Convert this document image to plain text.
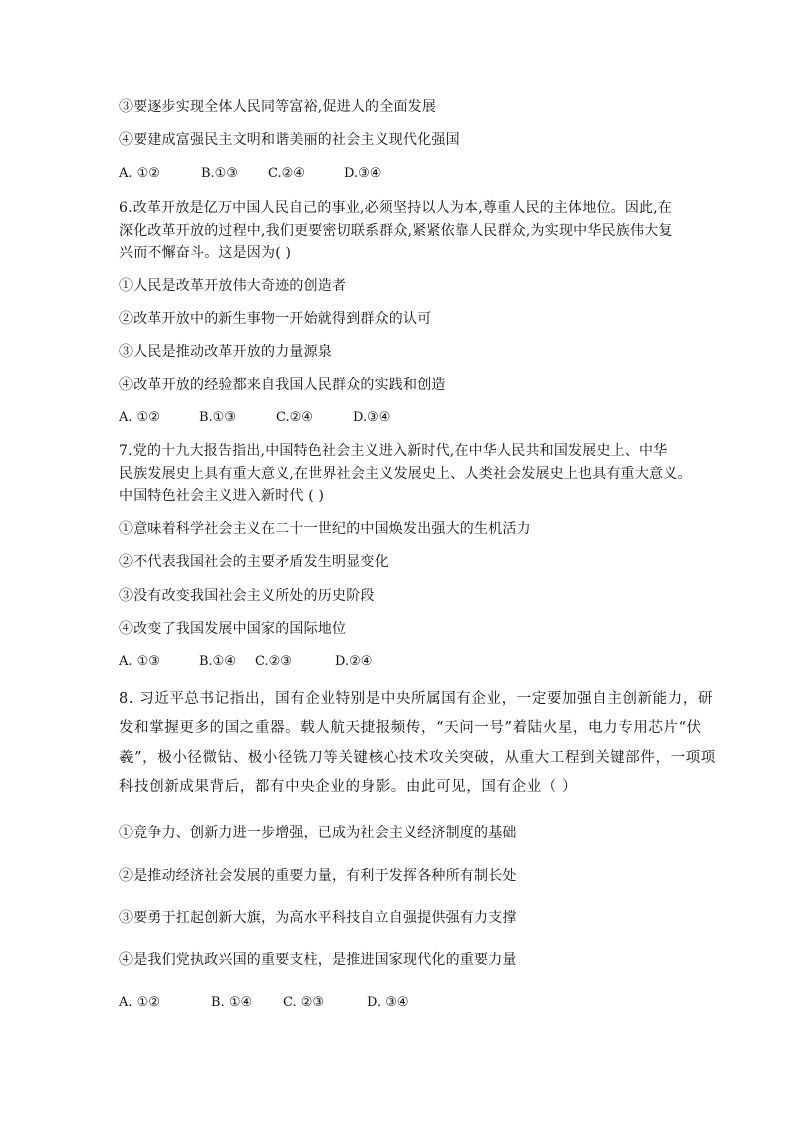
③要逐步实现全体人民同等富裕,促进人的全面发展
④要建成富强民主文明和谐美丽的社会主义现代化强国
A. ①②	B.①③ C.②④	D.③④
6.改革开放是亿万中国人民自己的事业,必须坚持以人为本,尊重人民的主体地位。因此,在
深化改革开放的过程中,我们更要密切联系群众,紧紧依靠人民群众,为实现中华民族伟大复
兴而不懈奋斗。这是因为( )
①人民是改革开放伟大奇迹的创造者
②改革开放中的新生事物一开始就得到群众的认可
③人民是推动改革开放的力量源泉
④改革开放的经验都来自我国人民群众的实践和创造
A. ①②	B.①③	C.②④	D.③④
7.党的十九大报告指出,中国特色社会主义进入新时代,在中华人民共和国发展史上、中华
民族发展史上具有重大意义,在世界社会主义发展史上、人类社会发展史上也具有重大意义。
中国特色社会主义进入新时代 ( )
①意味着科学社会主义在二十一世纪的中国焕发出强大的生机活力
②不代表我国社会的主要矛盾发生明显变化
③没有改变我国社会主义所处的历史阶段
④改变了我国发展中国家的国际地位
A. ①③	B.①④ C.②③	D.②④
8. 习近平总书记指出，国有企业特别是中央所属国有企业，一定要加强自主创新能力，研
发和掌握更多的国之重器。载人航天捷报频传，“天问一号”着陆火星，电力专用芯片“伏
羲”，极小径微钻、极小径铣刀等关键核心技术攻关突破，从重大工程到关键部件，一项项
科技创新成果背后，都有中央企业的身影。由此可见，国有企业（ ）
①竞争力、创新力进一步增强，已成为社会主义经济制度的基础
②是推动经济社会发展的重要力量，有利于发挥各种所有制长处
③要勇于扛起创新大旗，为高水平科技自立自强提供强有力支撑
④是我们党执政兴国的重要支柱，是推进国家现代化的重要力量
A. ①②	B. ①④ C. ②③	D. ③④
